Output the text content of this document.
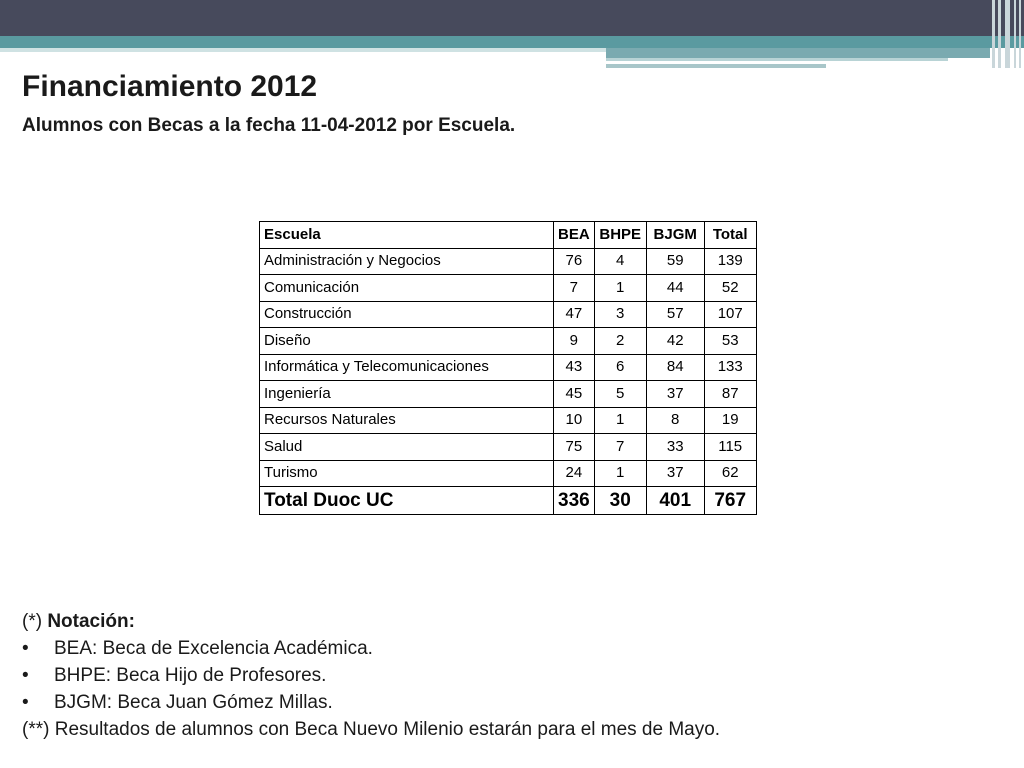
Financiamiento 2012
Alumnos con Becas a la fecha 11-04-2012 por Escuela.
Escuela	BEA	BHPE	BJGM	Total
Administración y Negocios	76	4	59	139
Comunicación	7	1	44	52
Construcción	47	3	57	107
Diseño	9	2	42	53
Informática y Telecomunicaciones	43	6	84	133
Ingeniería	45	5	37	87
Recursos Naturales	10	1	8	19
Salud	75	7	33	115
Turismo	24	1	37	62
Total Duoc UC	336	30	401	767
(*) Notación:
• BEA: Beca de Excelencia Académica.
• BHPE: Beca Hijo de Profesores.
• BJGM: Beca Juan Gómez Millas.
(**) Resultados de alumnos con Beca Nuevo Milenio estarán para el mes de Mayo.
